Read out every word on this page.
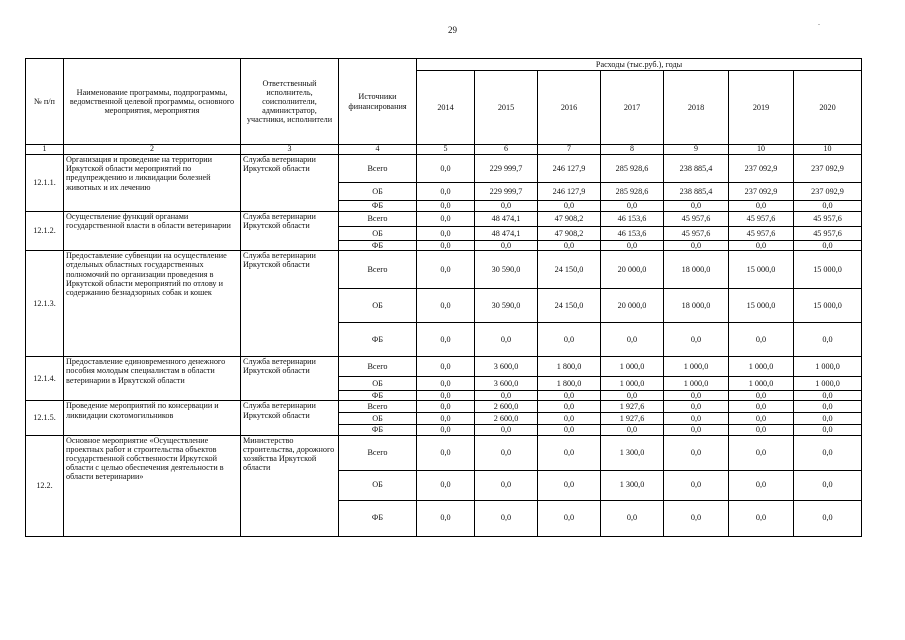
29
.
№ п/п	Наименование программы, подпрограммы, ведомственной целевой программы, основного мероприятия, мероприятия	Ответственный исполнитель, соисполнители, администратор, участники, исполнители	Источники финансирования	Расходы (тыс.руб.), годы						
				2014	2015	2016	2017	2018	2019	2020
1	2	3	4	5	6	7	8	9	10	10
12.1.1.	Организация и проведение на территории Иркутской области мероприятий по предупреждению и ликвидации болезней животных и их лечению	Служба ветеринарии Иркутской области	Всего	0,0	229 999,7	246 127,9	285 928,6	238 885,4	237 092,9	237 092,9
			ОБ	0,0	229 999,7	246 127,9	285 928,6	238 885,4	237 092,9	237 092,9
			ФБ	0,0	0,0	0,0	0,0	0,0	0,0	0,0
12.1.2.	Осуществление функций органами государственной власти в области ветеринарии	Служба ветеринарии Иркутской области	Всего	0,0	48 474,1	47 908,2	46 153,6	45 957,6	45 957,6	45 957,6
			ОБ	0,0	48 474,1	47 908,2	46 153,6	45 957,6	45 957,6	45 957,6
			ФБ	0,0	0,0	0,0	0,0	0,0	0,0	0,0
12.1.3.	Предоставление субвенции на осуществление отдельных областных государственных полномочий по организации проведения в Иркутской области мероприятий по отлову и содержанию безнадзорных собак и кошек	Служба ветеринарии Иркутской области	Всего	0,0	30 590,0	24 150,0	20 000,0	18 000,0	15 000,0	15 000,0
			ОБ	0,0	30 590,0	24 150,0	20 000,0	18 000,0	15 000,0	15 000,0
			ФБ	0,0	0,0	0,0	0,0	0,0	0,0	0,0
12.1.4.	Предоставление единовременного денежного пособия молодым специалистам в области ветеринарии в Иркутской области	Служба ветеринарии Иркутской области	Всего	0,0	3 600,0	1 800,0	1 000,0	1 000,0	1 000,0	1 000,0
			ОБ	0,0	3 600,0	1 800,0	1 000,0	1 000,0	1 000,0	1 000,0
			ФБ	0,0	0,0	0,0	0,0	0,0	0,0	0,0
12.1.5.	Проведение мероприятий по консервации и ликвидации скотомогильников	Служба ветеринарии Иркутской области	Всего	0,0	2 600,0	0,0	1 927,6	0,0	0,0	0,0
			ОБ	0,0	2 600,0	0,0	1 927,6	0,0	0,0	0,0
			ФБ	0,0	0,0	0,0	0,0	0,0	0,0	0,0
12.2.	Основное мероприятие «Осуществление проектных работ и строительства объектов государственной собственности Иркутской области с целью обеспечения деятельности в области ветеринарии»	Министерство строительства, дорожного хозяйства Иркутской области	Всего	0,0	0,0	0,0	1 300,0	0,0	0,0	0,0
			ОБ	0,0	0,0	0,0	1 300,0	0,0	0,0	0,0
			ФБ	0,0	0,0	0,0	0,0	0,0	0,0	0,0
